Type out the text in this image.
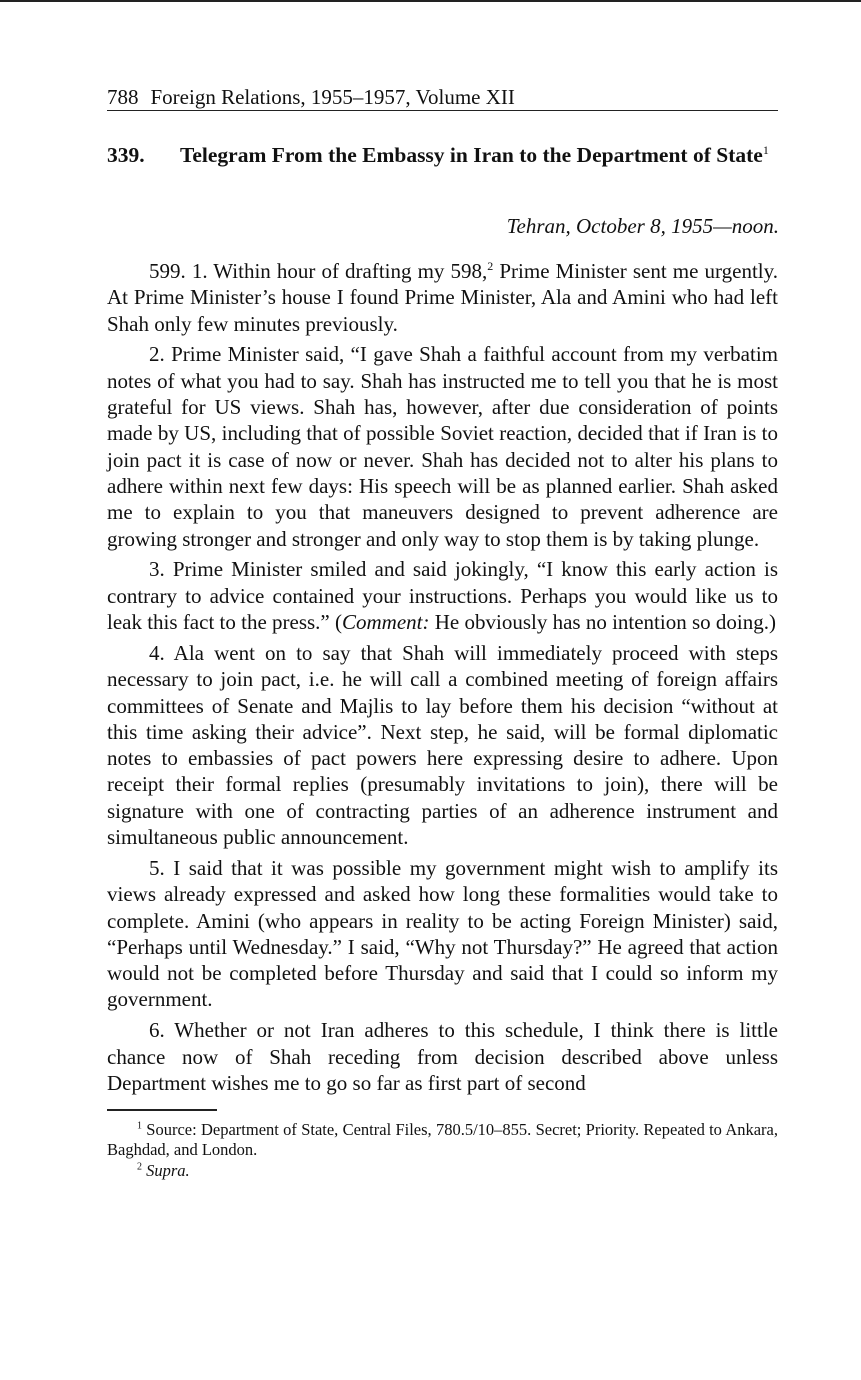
788 Foreign Relations, 1955–1957, Volume XII
339.	Telegram From the Embassy in Iran to the Department of State$^1$
Tehran, October 8, 1955—noon.

599. 1. Within hour of drafting my 598,$^2$ Prime Minister sent me urgently. At Prime Minister’s house I found Prime Minister, Ala and Amini who had left Shah only few minutes previously.

2. Prime Minister said, “I gave Shah a faithful account from my verbatim notes of what you had to say. Shah has instructed me to tell you that he is most grateful for US views. Shah has, however, after due consideration of points made by US, including that of possible Soviet reaction, decided that if Iran is to join pact it is case of now or never. Shah has decided not to alter his plans to adhere within next few days: His speech will be as planned earlier. Shah asked me to explain to you that maneuvers designed to prevent adherence are growing stronger and stronger and only way to stop them is by taking plunge.

3. Prime Minister smiled and said jokingly, “I know this early action is contrary to advice contained your instructions. Perhaps you would like us to leak this fact to the press.” (Comment: He obviously has no intention so doing.)

4. Ala went on to say that Shah will immediately proceed with steps necessary to join pact, i.e. he will call a combined meeting of foreign affairs committees of Senate and Majlis to lay before them his decision “without at this time asking their advice”. Next step, he said, will be formal diplomatic notes to embassies of pact powers here expressing desire to adhere. Upon receipt their formal replies (presumably invitations to join), there will be signature with one of contracting parties of an adherence instrument and simultaneous public announcement.

5. I said that it was possible my government might wish to amplify its views already expressed and asked how long these formalities would take to complete. Amini (who appears in reality to be acting Foreign Minister) said, “Perhaps until Wednesday.” I said, “Why not Thursday?” He agreed that action would not be completed before Thursday and said that I could so inform my government.

6. Whether or not Iran adheres to this schedule, I think there is little chance now of Shah receding from decision described above unless Department wishes me to go so far as first part of second

$^1$ Source: Department of State, Central Files, 780.5/10–855. Secret; Priority. Repeated to Ankara, Baghdad, and London.

$^2$ Supra.
